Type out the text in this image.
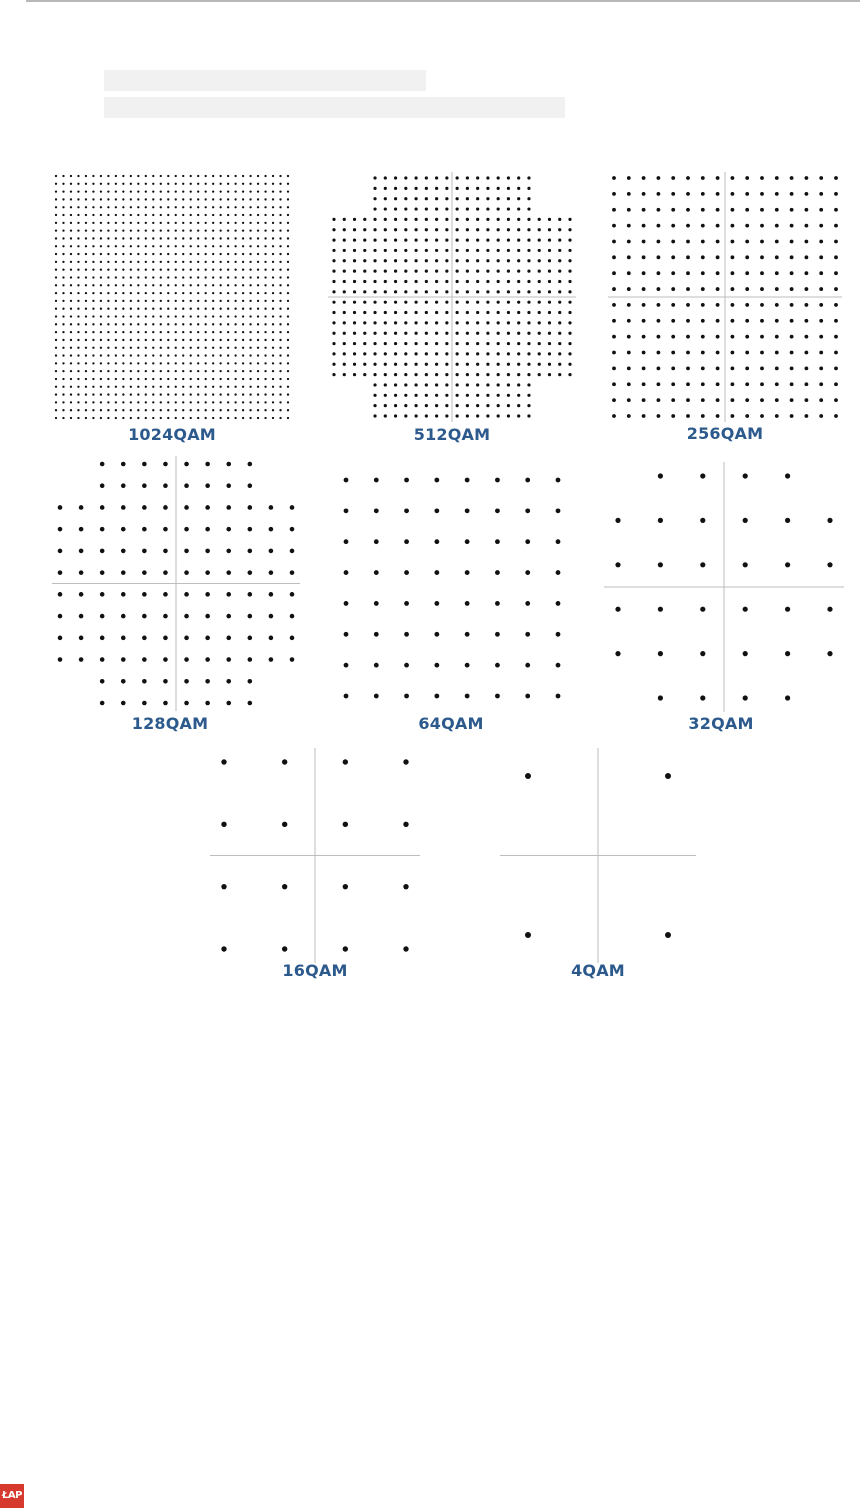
1024QAM	512QAM	256QAM

128QAM	64QAM	32QAM

16QAM	4QAM

ŁAP
